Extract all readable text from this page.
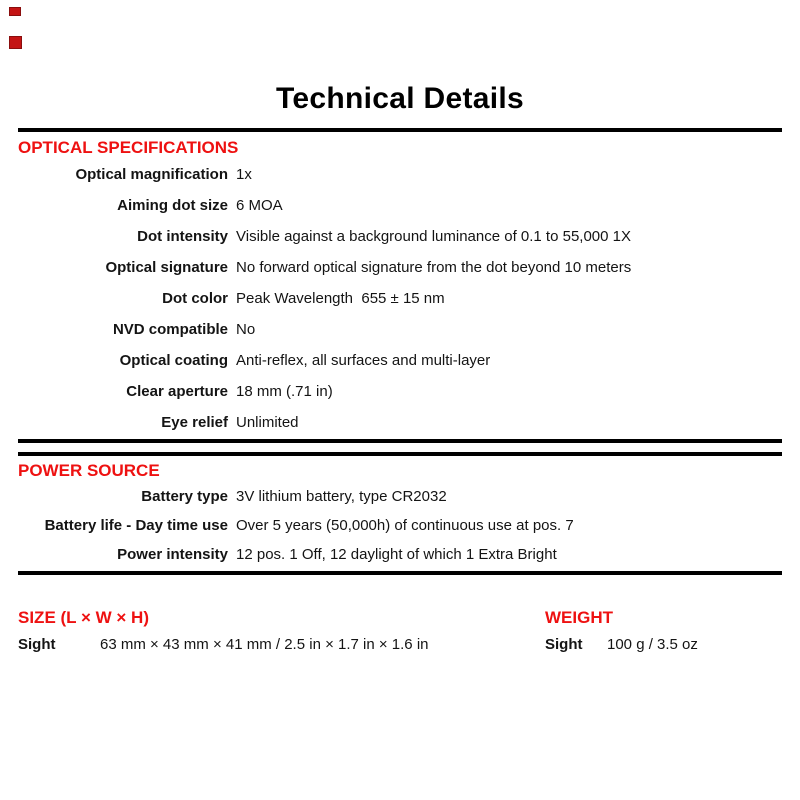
Technical Details
OPTICAL SPECIFICATIONS
Optical magnification 1x
Aiming dot size 6 MOA
Dot intensity Visible against a background luminance of 0.1 to 55,000 1X
Optical signature No forward optical signature from the dot beyond 10 meters
Dot color Peak Wavelength  655 ± 15 nm
NVD compatible No
Optical coating Anti-reflex, all surfaces and multi-layer
Clear aperture 18 mm (.71 in)
Eye relief Unlimited
POWER SOURCE
Battery type 3V lithium battery, type CR2032
Battery life - Day time use Over 5 years (50,000h) of continuous use at pos. 7
Power intensity 12 pos. 1 Off, 12 daylight of which 1 Extra Bright
SIZE (L × W × H)
Sight	63 mm × 43 mm × 41 mm / 2.5 in × 1.7 in × 1.6 in
WEIGHT
Sight	100 g / 3.5 oz
